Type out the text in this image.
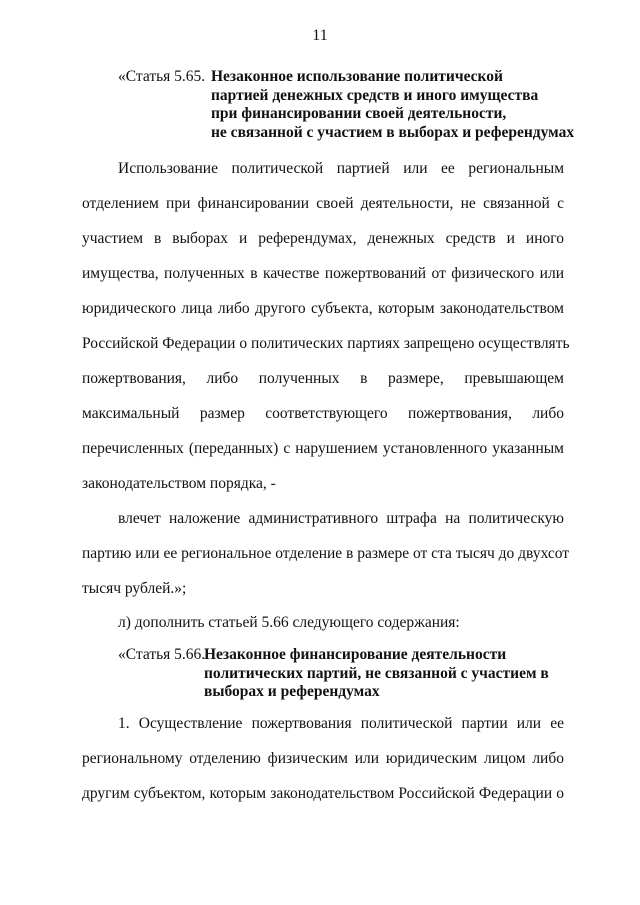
11
«Статья 5.65. Незаконное использование политической
партией денежных средств и иного имущества
при финансировании своей деятельности,
не связанной с участием в выборах и референдумах
Использование политической партией или ее региональным
отделением при финансировании своей деятельности, не связанной с
участием в выборах и референдумах, денежных средств и иного
имущества, полученных в качестве пожертвований от физического или
юридического лица либо другого субъекта, которым законодательством
Российской Федерации о политических партиях запрещено осуществлять
пожертвования, либо полученных в размере, превышающем
максимальный размер соответствующего пожертвования, либо
перечисленных (переданных) с нарушением установленного указанным
законодательством порядка, -
влечет наложение административного штрафа на политическую
партию или ее региональное отделение в размере от ста тысяч до двухсот
тысяч рублей.»;
л) дополнить статьей 5.66 следующего содержания:
«Статья 5.66.
Незаконное финансирование деятельности
политических партий, не связанной с участием в
выборах и референдумах
1. Осуществление пожертвования политической партии или ее
региональному отделению физическим или юридическим лицом либо
другим субъектом, которым законодательством Российской Федерации о
